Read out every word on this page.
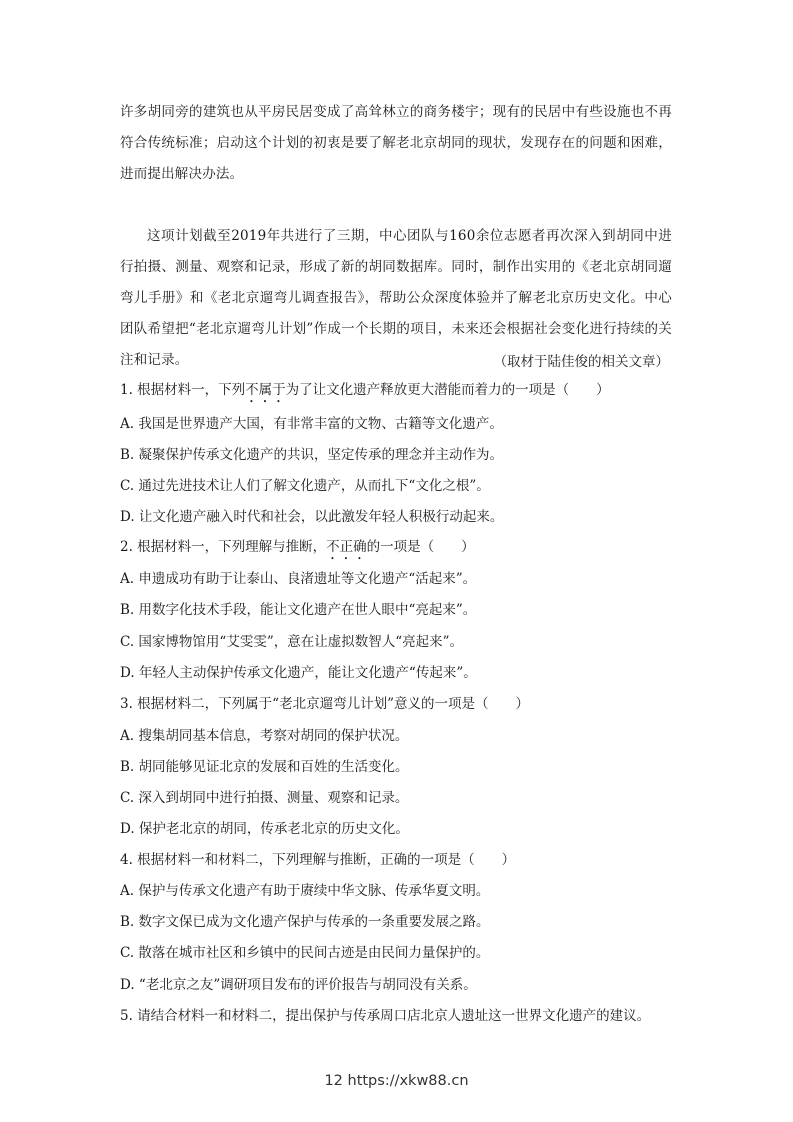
许多胡同旁的建筑也从平房民居变成了高耸林立的商务楼宇；现有的民居中有些设施也不再符合传统标准；启动这个计划的初衷是要了解老北京胡同的现状，发现存在的问题和困难，进而提出解决办法。

这项计划截至2019年共进行了三期，中心团队与160余位志愿者再次深入到胡同中进行拍摄、测量、观察和记录，形成了新的胡同数据库。同时，制作出实用的《老北京胡同遛弯儿手册》和《老北京遛弯儿调查报告》，帮助公众深度体验并了解老北京历史文化。中心团队希望把“老北京遛弯儿计划”作成一个长期的项目，未来还会根据社会变化进行持续的关注和记录。	（取材于陆佳俊的相关文章）

1. 根据材料一，下列不属于为了让文化遗产释放更大潜能而着力的一项是（　　）

A. 我国是世界遗产大国，有非常丰富的文物、古籍等文化遗产。

B. 凝聚保护传承文化遗产的共识，坚定传承的理念并主动作为。

C. 通过先进技术让人们了解文化遗产，从而扎下“文化之根”。

D. 让文化遗产融入时代和社会，以此激发年轻人积极行动起来。

2. 根据材料一，下列理解与推断，不正确的一项是（　　）

A. 申遗成功有助于让泰山、良渚遗址等文化遗产“活起来”。

B. 用数字化技术手段，能让文化遗产在世人眼中“亮起来”。

C. 国家博物馆用“艾雯雯”，意在让虚拟数智人“亮起来”。

D. 年轻人主动保护传承文化遗产，能让文化遗产“传起来”。

3. 根据材料二，下列属于“老北京遛弯儿计划”意义的一项是（　　）

A. 搜集胡同基本信息，考察对胡同的保护状况。

B. 胡同能够见证北京的发展和百姓的生活变化。

C. 深入到胡同中进行拍摄、测量、观察和记录。

D. 保护老北京的胡同，传承老北京的历史文化。

4. 根据材料一和材料二，下列理解与推断，正确的一项是（　　）

A. 保护与传承文化遗产有助于赓续中华文脉、传承华夏文明。

B. 数字文保已成为文化遗产保护与传承的一条重要发展之路。

C. 散落在城市社区和乡镇中的民间古迹是由民间力量保护的。

D. “老北京之友”调研项目发布的评价报告与胡同没有关系。

5. 请结合材料一和材料二，提出保护与传承周口店北京人遗址这一世界文化遗产的建议。

12 https://xkw88.cn
